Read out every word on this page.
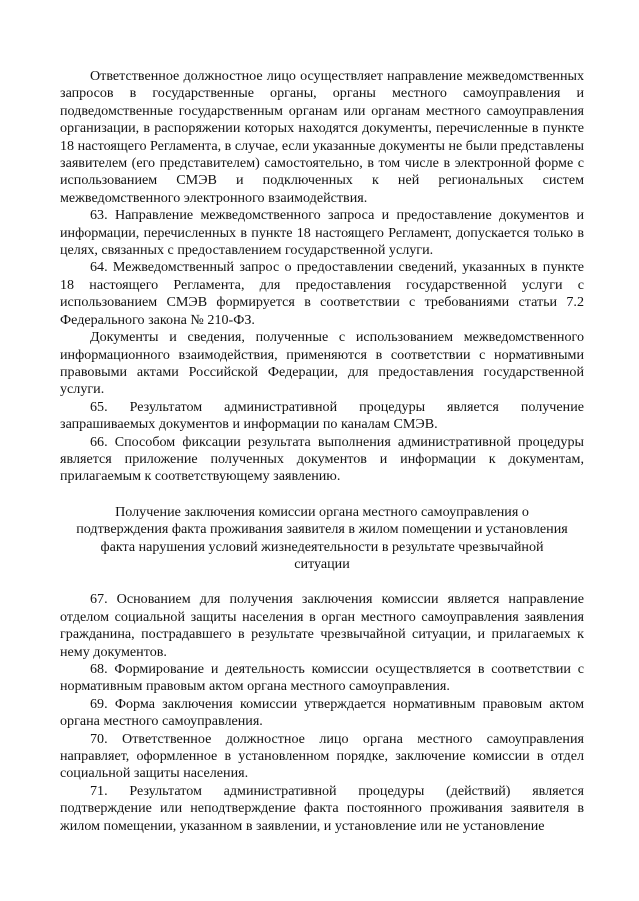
Ответственное должностное лицо осуществляет направление межведомственных запросов в государственные органы, органы местного самоуправления и подведомственные государственным органам или органам местного самоуправления организации, в распоряжении которых находятся документы, перечисленные в пункте 18 настоящего Регламента, в случае, если указанные документы не были представлены заявителем (его представителем) самостоятельно, в том числе в электронной форме с использованием СМЭВ и подключенных к ней региональных систем межведомственного электронного взаимодействия.

63. Направление межведомственного запроса и предоставление документов и информации, перечисленных в пункте 18 настоящего Регламент, допускается только в целях, связанных с предоставлением государственной услуги.

64. Межведомственный запрос о предоставлении сведений, указанных в пункте 18 настоящего Регламента, для предоставления государственной услуги с использованием СМЭВ формируется в соответствии с требованиями статьи 7.2 Федерального закона № 210-ФЗ.

Документы и сведения, полученные с использованием межведомственного информационного взаимодействия, применяются в соответствии с нормативными правовыми актами Российской Федерации, для предоставления государственной услуги.

65. Результатом административной процедуры является получение запрашиваемых документов и информации по каналам СМЭВ.

66. Способом фиксации результата выполнения административной процедуры является приложение полученных документов и информации к документам, прилагаемым к соответствующему заявлению.

Получение заключения комиссии органа местного самоуправления о подтверждения факта проживания заявителя в жилом помещении и установления факта нарушения условий жизнедеятельности в результате чрезвычайной ситуации

67. Основанием для получения заключения комиссии является направление отделом социальной защиты населения в орган местного самоуправления заявления гражданина, пострадавшего в результате чрезвычайной ситуации, и прилагаемых к нему документов.

68. Формирование и деятельность комиссии осуществляется в соответствии с нормативным правовым актом органа местного самоуправления.

69. Форма заключения комиссии утверждается нормативным правовым актом органа местного самоуправления.

70. Ответственное должностное лицо органа местного самоуправления направляет, оформленное в установленном порядке, заключение комиссии в отдел социальной защиты населения.

71. Результатом административной процедуры (действий) является подтверждение или неподтверждение факта постоянного проживания заявителя в жилом помещении, указанном в заявлении, и установление или не установление
